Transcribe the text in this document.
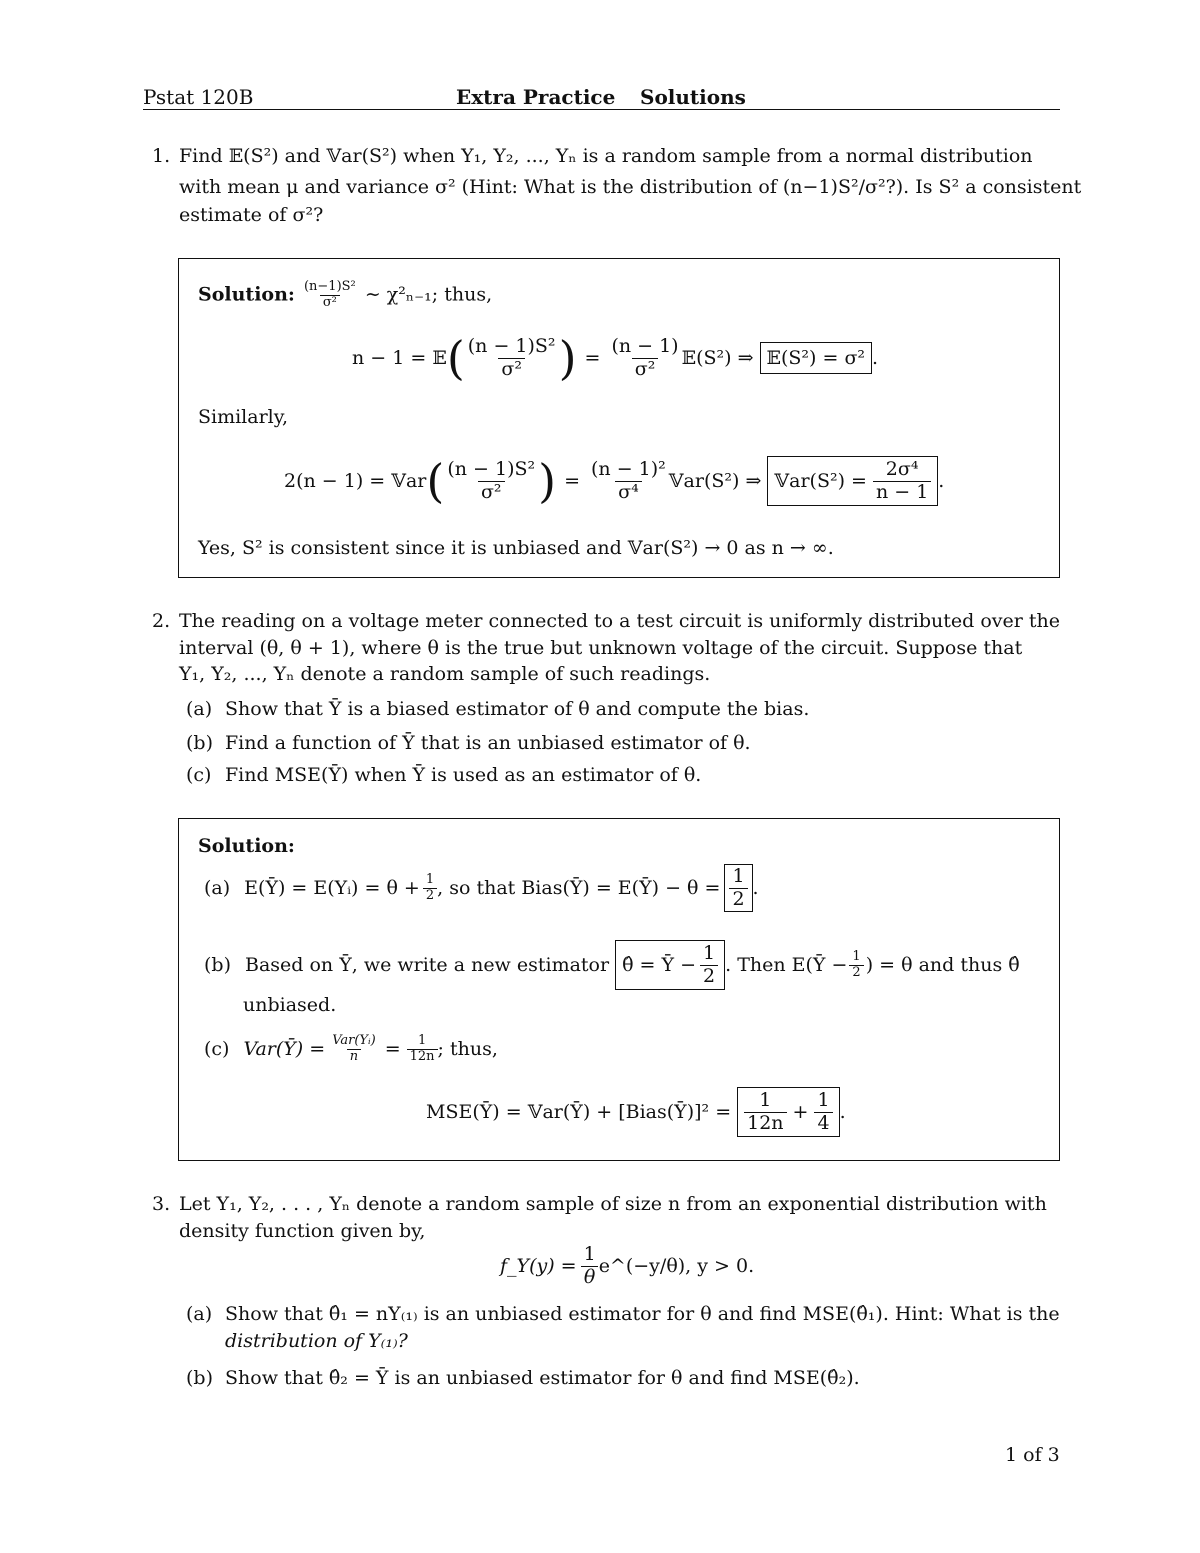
Pstat 120B	Extra Practice Solutions
1. Find 𝔼(S²) and 𝕍ar(S²) when Y₁, Y₂, ..., Yₙ is a random sample from a normal distribution
with mean μ and variance σ² (Hint: What is the distribution of (n−1)S²/σ²?). Is S² a consistent
estimate of σ²?
Solution: $\frac{\text{(n−1)S²}}{\text{σ²}}$ ∼ χ²ₙ₋₁; thus,
n − 1 = 𝔼 ( $\frac{\text{(n − 1)S²}}{\text{σ²}}$ ) = $\frac{(n - 1)}{\text{σ²}}$ 𝔼(S²) ⇒ 𝔼(S²) = σ² .
Similarly,
2(n − 1) = 𝕍ar ( $\frac{\text{(n − 1)S²}}{\text{σ²}}$ ) = $\frac{\text{(n − 1)²}}{\text{σ⁴}}$ 𝕍ar(S²) ⇒ 𝕍ar(S²) = $\frac{\text{2σ⁴}}{n - 1}$ .
Yes, S² is consistent since it is unbiased and 𝕍ar(S²) → 0 as n → ∞.
2. The reading on a voltage meter connected to a test circuit is uniformly distributed over the
interval (θ, θ + 1), where θ is the true but unknown voltage of the circuit. Suppose that
Y₁, Y₂, ..., Yₙ denote a random sample of such readings.
(a) Show that Ȳ is a biased estimator of θ and compute the bias.
(b) Find a function of Ȳ that is an unbiased estimator of θ.
(c) Find MSE(Ȳ) when Ȳ is used as an estimator of θ.
Solution:
(a) E(Ȳ) = E(Yᵢ) = $\theta + \frac{1}{2}$ , so that Bias(Ȳ) = E(Ȳ) − $\theta = \frac{1}{2}$ .
(b) Based on Ȳ, we write a new estimator θ̂ = Ȳ − $\frac{1}{2}$ . Then E(Ȳ − $\frac{1}{2}$ ) = θ and thus θ̂
unbiased.
(c) Var(Ȳ) = $\frac{\text{Var(Yᵢ)}}{n} = \frac{1}{12n}$ ; thus,
MSE(Ȳ) = 𝕍ar(Ȳ) + [Bias(Ȳ)]² = $\frac{1}{12n} + \frac{1}{4}$ .
3. Let Y₁, Y₂, . . . , Yₙ denote a random sample of size n from an exponential distribution with
density function given by,
f_Y(y) = $\frac{1}{\theta}$ e^(−y/θ), y > 0.
(a) Show that θ̂₁ = nY₍₁₎ is an unbiased estimator for θ and find MSE(θ̂₁). Hint: What is the
distribution of Y₍₁₎?
(b) Show that θ̂₂ = Ȳ is an unbiased estimator for θ and find MSE(θ̂₂).
1 of 3
